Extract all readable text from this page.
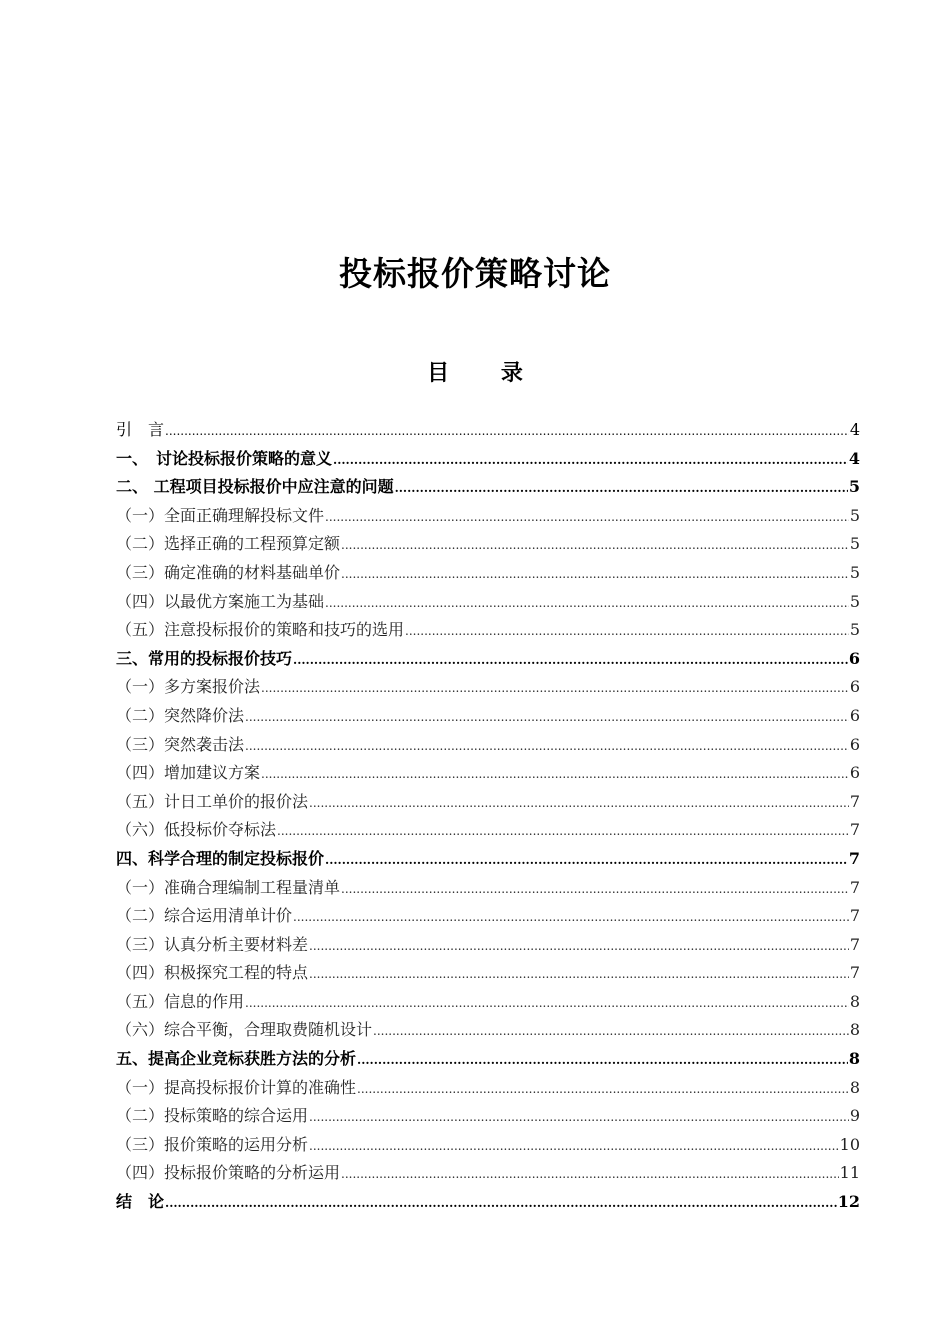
投标报价策略讨论
目 录
引　言 .....	4
一、　讨论投标报价策略的意义 .....	4
二、 工程项目投标报价中应注意的问题 .....	5
（一）全面正确理解投标文件 .....	5
（二）选择正确的工程预算定额 .....	5
（三）确定准确的材料基础单价 .....	5
（四）以最优方案施工为基础 .....	5
（五）注意投标报价的策略和技巧的选用 .....	5
三、常用的投标报价技巧 .....	6
（一）多方案报价法 .....	6
（二）突然降价法 .....	6
（三）突然袭击法 .....	6
（四）增加建议方案 .....	6
（五）计日工单价的报价法 .....	7
（六）低投标价夺标法 .....	7
四、科学合理的制定投标报价 .....	7
（一）准确合理编制工程量清单 .....	7
（二）综合运用清单计价 .....	7
（三）认真分析主要材料差 .....	7
（四）积极探究工程的特点 .....	7
（五）信息的作用 .....	8
（六）综合平衡，合理取费随机设计 .....	8
五、提高企业竞标获胜方法的分析 .....	8
（一）提高投标报价计算的准确性 .....	8
（二）投标策略的综合运用 .....	9
（三）报价策略的运用分析 .....	10
（四）投标报价策略的分析运用 .....	11
结　论 .....	12
